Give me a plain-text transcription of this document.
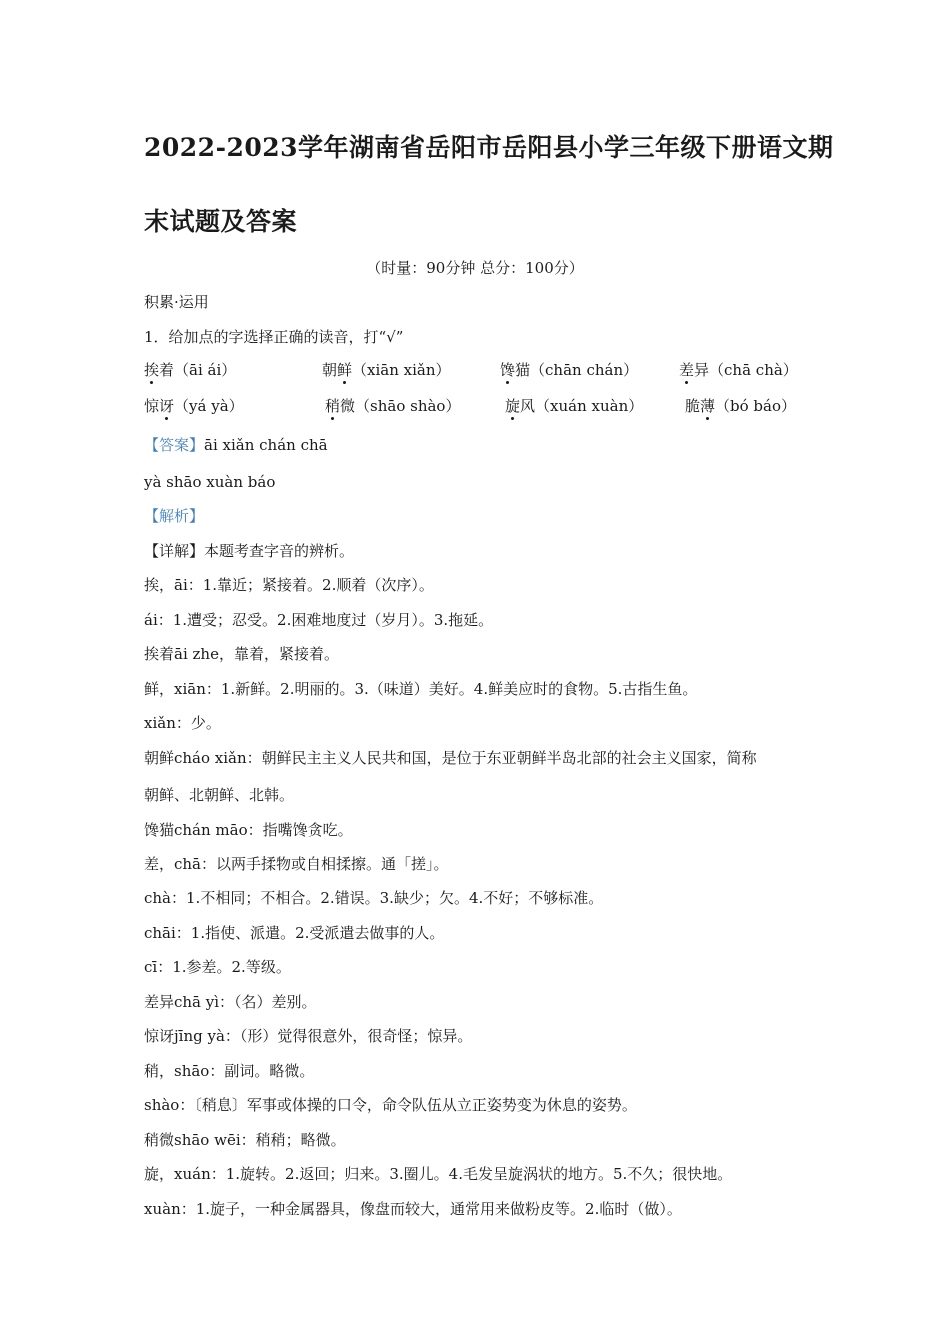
2022-2023学年湖南省岳阳市岳阳县小学三年级下册语文期
末试题及答案
（时量：90分钟 总分：100分）
积累·运用
1．给加点的字选择正确的读音，打“√”
挨着（āi ái）	朝鲜（xiān xiǎn）	馋猫（chān chán）	差异（chā chà）
惊讶（yá yà）	稍微（shāo shào）	旋风（xuán xuàn）	脆薄（bó báo）
【答案】āi xiǎn chán chā
yà shāo xuàn báo
【解析】
【详解】本题考查字音的辨析。
挨，āi：1.靠近；紧接着。2.顺着（次序）。
ái：1.遭受；忍受。2.困难地度过（岁月）。3.拖延。
挨着āi zhe，靠着，紧接着。
鲜，xiān：1.新鲜。2.明丽的。3.（味道）美好。4.鲜美应时的食物。5.古指生鱼。
xiǎn：少。
朝鲜cháo xiǎn：朝鲜民主主义人民共和国，是位于东亚朝鲜半岛北部的社会主义国家，简称
朝鲜、北朝鲜、北韩。
馋猫chán māo：指嘴馋贪吃。
差，chā：以两手揉物或自相揉擦。通「搓」。
chà：1.不相同；不相合。2.错误。3.缺少；欠。4.不好；不够标准。
chāi：1.指使、派遣。2.受派遣去做事的人。
cī：1.参差。2.等级。
差异chā yì：（名）差别。
惊讶jīng yà：（形）觉得很意外，很奇怪；惊异。
稍，shāo：副词。略微。
shào：〔稍息〕军事或体操的口令，命令队伍从立正姿势变为休息的姿势。
稍微shāo wēi：稍稍；略微。
旋，xuán：1.旋转。2.返回；归来。3.圈儿。4.毛发呈旋涡状的地方。5.不久；很快地。
xuàn：1.旋子，一种金属器具，像盘而较大，通常用来做粉皮等。2.临时（做）。
